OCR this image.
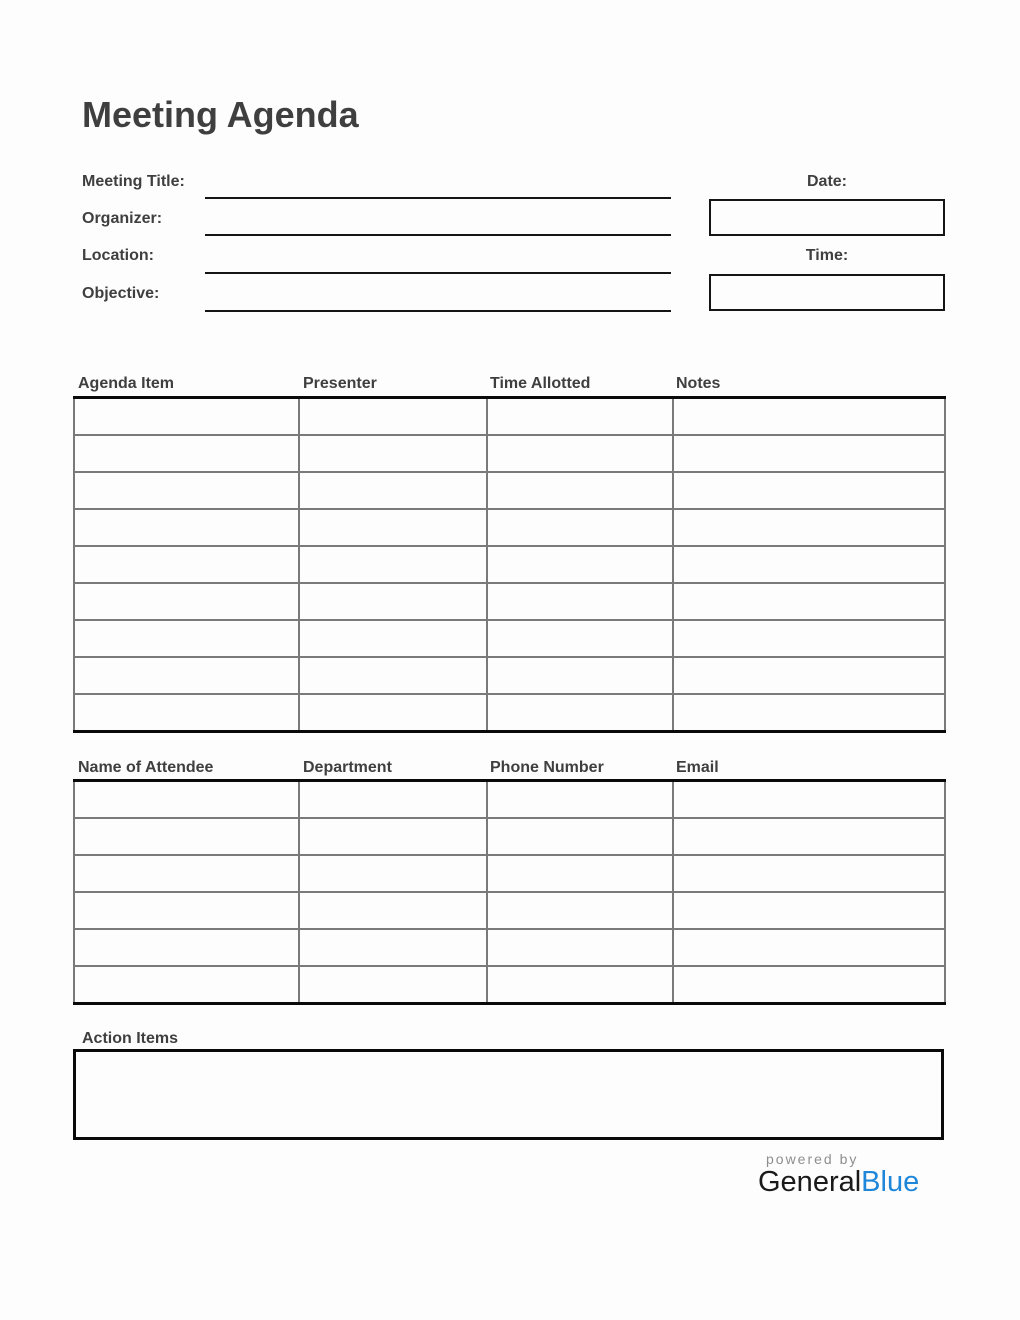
Meeting Agenda
Meeting Title:
Organizer:
Location:
Objective:
Date:
Time:
Agenda Item	Presenter	Time Allotted	Notes

Name of Attendee	Department	Phone Number	Email

Action Items
powered by
GeneralBlue
